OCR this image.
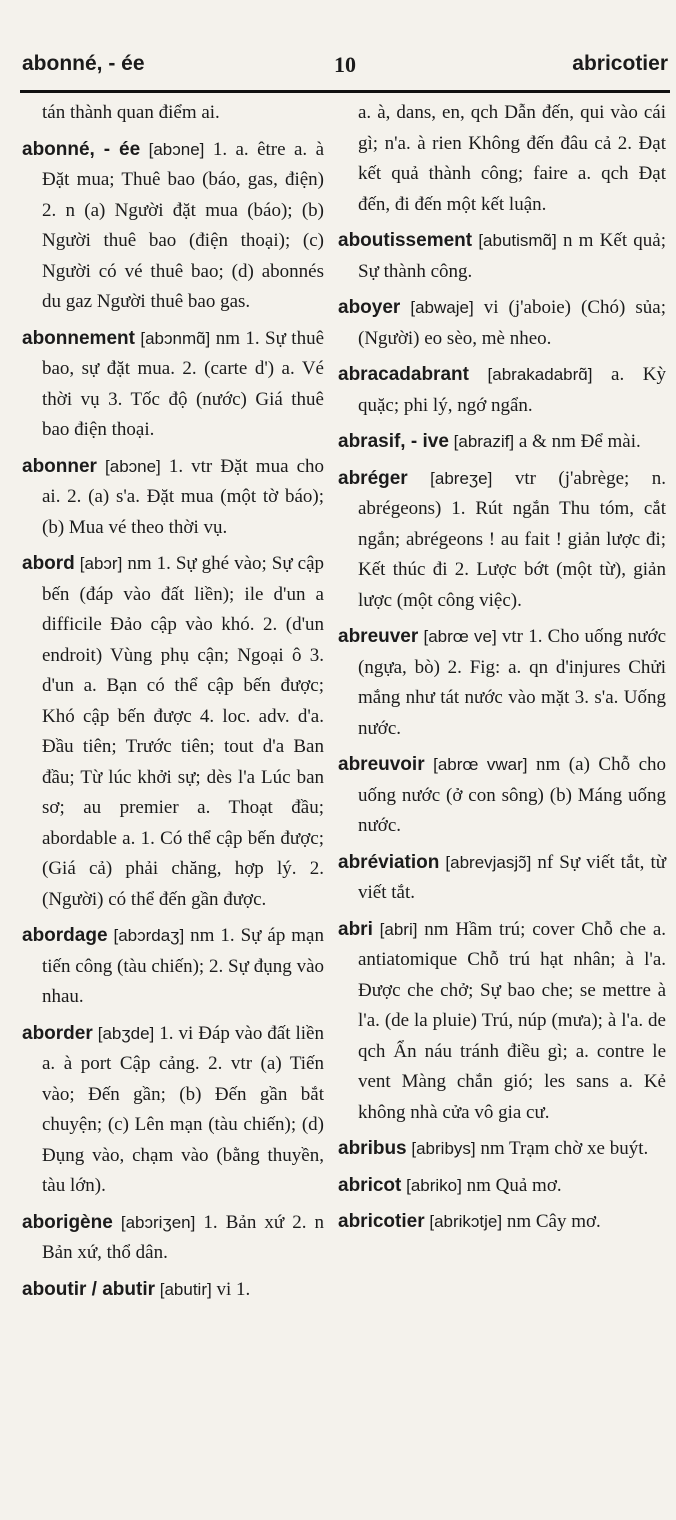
abonné, - ée	10	abricotier
tán thành quan điểm ai.
abonné, - ée [abɔne] 1. a. être a. à Đặt mua; Thuê bao (báo, gas, điện) 2. n (a) Người đặt mua (báo); (b) Người thuê bao (điện thoại); (c) Người có vé thuê bao; (d) abonnés du gaz Người thuê bao gas.
abonnement [abɔnmɑ̃] nm 1. Sự thuê bao, sự đặt mua. 2. (carte d') a. Vé thời vụ 3. Tốc độ (nước) Giá thuê bao điện thoại.
abonner [abɔne] 1. vtr Đặt mua cho ai. 2. (a) s'a. Đặt mua (một tờ báo); (b) Mua vé theo thời vụ.
abord [abɔr] nm 1. Sự ghé vào; Sự cập bến (đáp vào đất liền); ile d'un a difficile Đảo cập vào khó. 2. (d'un endroit) Vùng phụ cận; Ngoại ô 3. d'un a. Bạn có thể cập bến được; Khó cập bến được 4. loc. adv. d'a. Đầu tiên; Trước tiên; tout d'a Ban đầu; Từ lúc khởi sự; dès l'a Lúc ban sơ; au premier a. Thoạt đầu; abordable a. 1. Có thể cập bến được; (Giá cả) phải chăng, hợp lý. 2. (Người) có thể đến gần được.
abordage [abɔrdaʒ] nm 1. Sự áp mạn tiến công (tàu chiến); 2. Sự đụng vào nhau.
aborder [abʒde] 1. vi Đáp vào đất liền a. à port Cập cảng. 2. vtr (a) Tiến vào; Đến gần; (b) Đến gần bắt chuyện; (c) Lên mạn (tàu chiến); (d) Đụng vào, chạm vào (bằng thuyền, tàu lớn).
aborigène [abɔriʒen] 1. Bản xứ 2. n Bản xứ, thổ dân.
aboutir / abutir [abutir] vi 1.
a. à, dans, en, qch Dẫn đến, qui vào cái gì; n'a. à rien Không đến đâu cả 2. Đạt kết quả thành công; faire a. qch Đạt đến, đi đến một kết luận.
aboutissement [abutismɑ̃] n m Kết quả; Sự thành công.
aboyer [abwaje] vi (j'aboie) (Chó) sủa; (Người) eo sèo, mè nheo.
abracadabrant [abrakadabrɑ̃] a. Kỳ quặc; phi lý, ngớ ngẩn.
abrasif, - ive [abrazif] a & nm Để mài.
abréger [abreʒe] vtr (j'abrège; n. abrégeons) 1. Rút ngắn Thu tóm, cắt ngắn; abrégeons ! au fait ! giản lược đi; Kết thúc đi 2. Lược bớt (một từ), giản lược (một công việc).
abreuver [abrœ ve] vtr 1. Cho uống nước (ngựa, bò) 2. Fig: a. qn d'injures Chửi mắng như tát nước vào mặt 3. s'a. Uống nước.
abreuvoir [abrœ vwar] nm (a) Chỗ cho uống nước (ở con sông) (b) Máng uống nước.
abréviation [abrevjasjɔ̃] nf Sự viết tắt, từ viết tắt.
abri [abri] nm Hầm trú; cover Chỗ che a. antiatomique Chỗ trú hạt nhân; à l'a. Được che chở; Sự bao che; se mettre à l'a. (de la pluie) Trú, núp (mưa); à l'a. de qch Ẩn náu tránh điều gì; a. contre le vent Màng chắn gió; les sans a. Kẻ không nhà cửa vô gia cư.
abribus [abribys] nm Trạm chờ xe buýt.
abricot [abriko] nm Quả mơ.
abricotier [abrikɔtje] nm Cây mơ.
